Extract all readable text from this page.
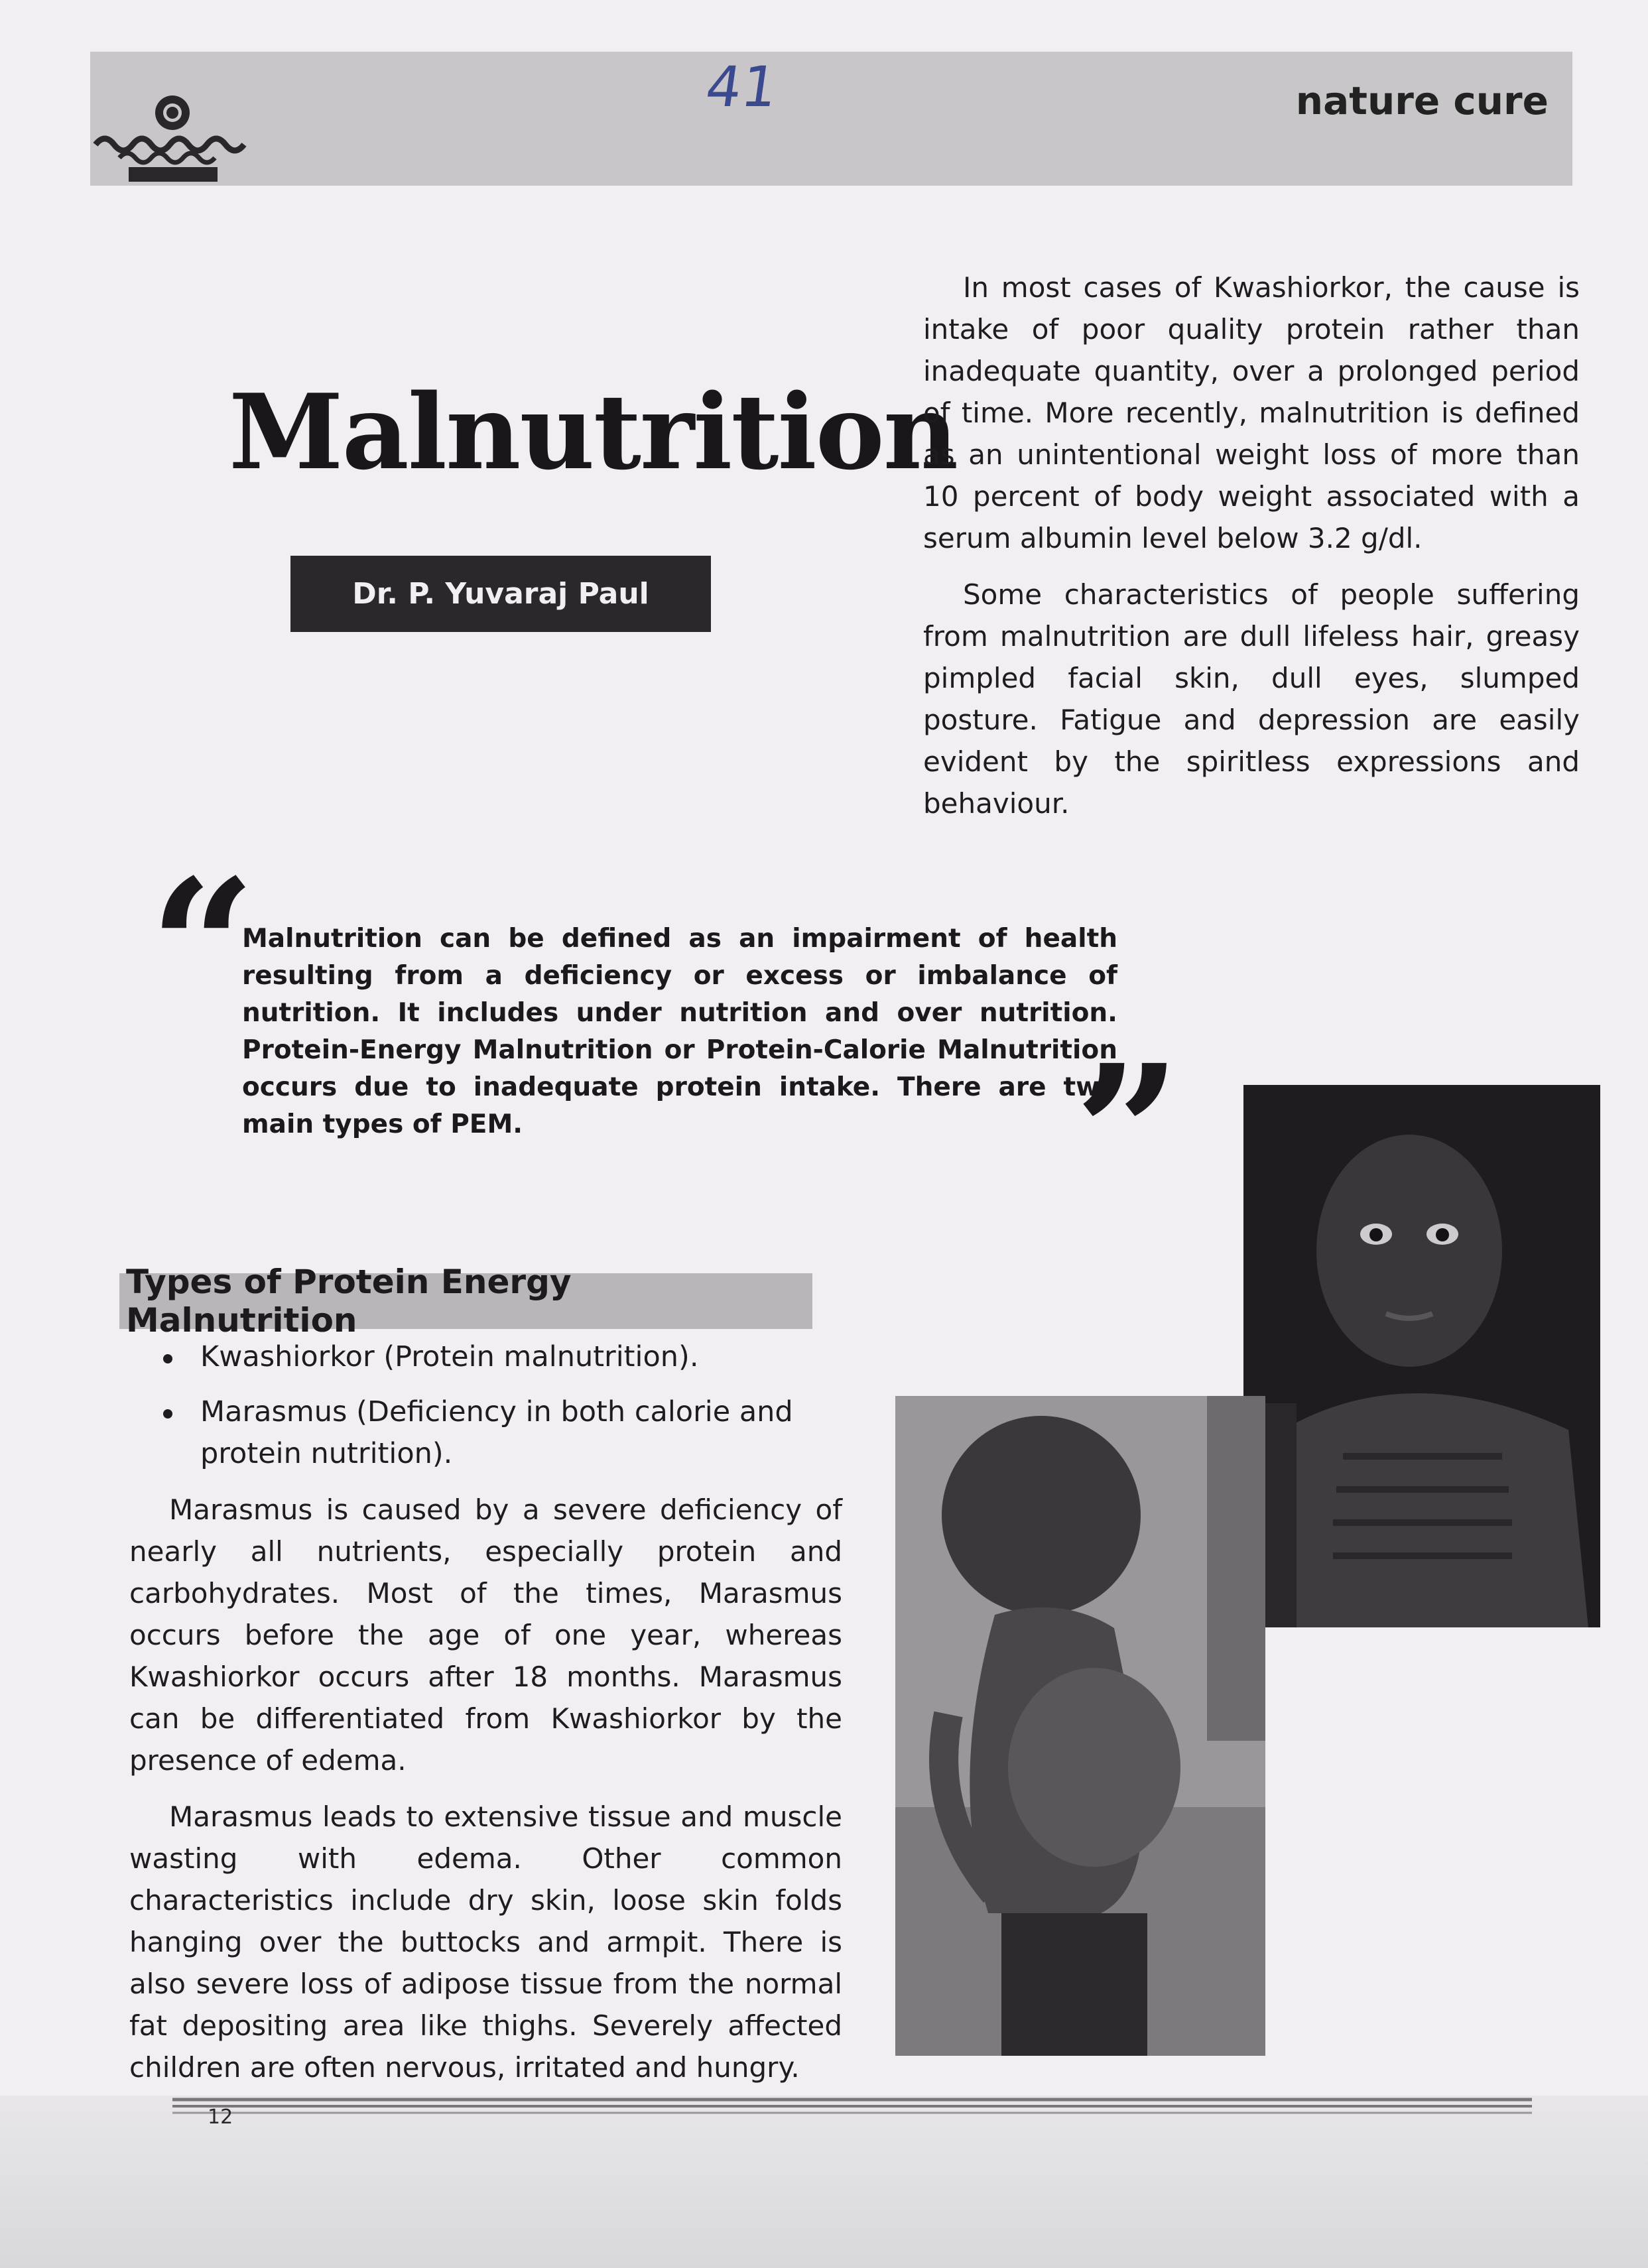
41	nature cure
Malnutrition
Dr. P. Yuvaraj Paul

In most cases of Kwashiorkor, the cause is intake of poor quality protein rather than inadequate quantity, over a prolonged period of time. More recently, malnutrition is defined as an unintentional weight loss of more than 10 percent of body weight associated with a serum albumin level below 3.2 g/dl.

Some characteristics of people suffering from malnutrition are dull lifeless hair, greasy pimpled facial skin, dull eyes, slumped posture. Fatigue and depression are easily evident by the spiritless expressions and behaviour.

“
Malnutrition can be defined as an impairment of health resulting from a deficiency or excess or imbalance of nutrition. It includes under nutrition and over nutrition. Protein-Energy Malnutrition or Protein-Calorie Malnutrition occurs due to inadequate protein intake. There are two main types of PEM.	”
Types of Protein Energy Malnutrition
Kwashiorkor (Protein malnutrition).
Marasmus (Deficiency in both calorie and protein nutrition).

Marasmus is caused by a severe deficiency of nearly all nutrients, especially protein and carbohydrates. Most of the times, Marasmus occurs before the age of one year, whereas Kwashiorkor occurs after 18 months. Marasmus can be differentiated from Kwashiorkor by the presence of edema.

Marasmus leads to extensive tissue and muscle wasting with edema. Other common characteristics include dry skin, loose skin folds hanging over the buttocks and armpit. There is also severe loss of adipose tissue from the normal fat depositing area like thighs. Severely affected children are often nervous, irritated and hungry.

12
